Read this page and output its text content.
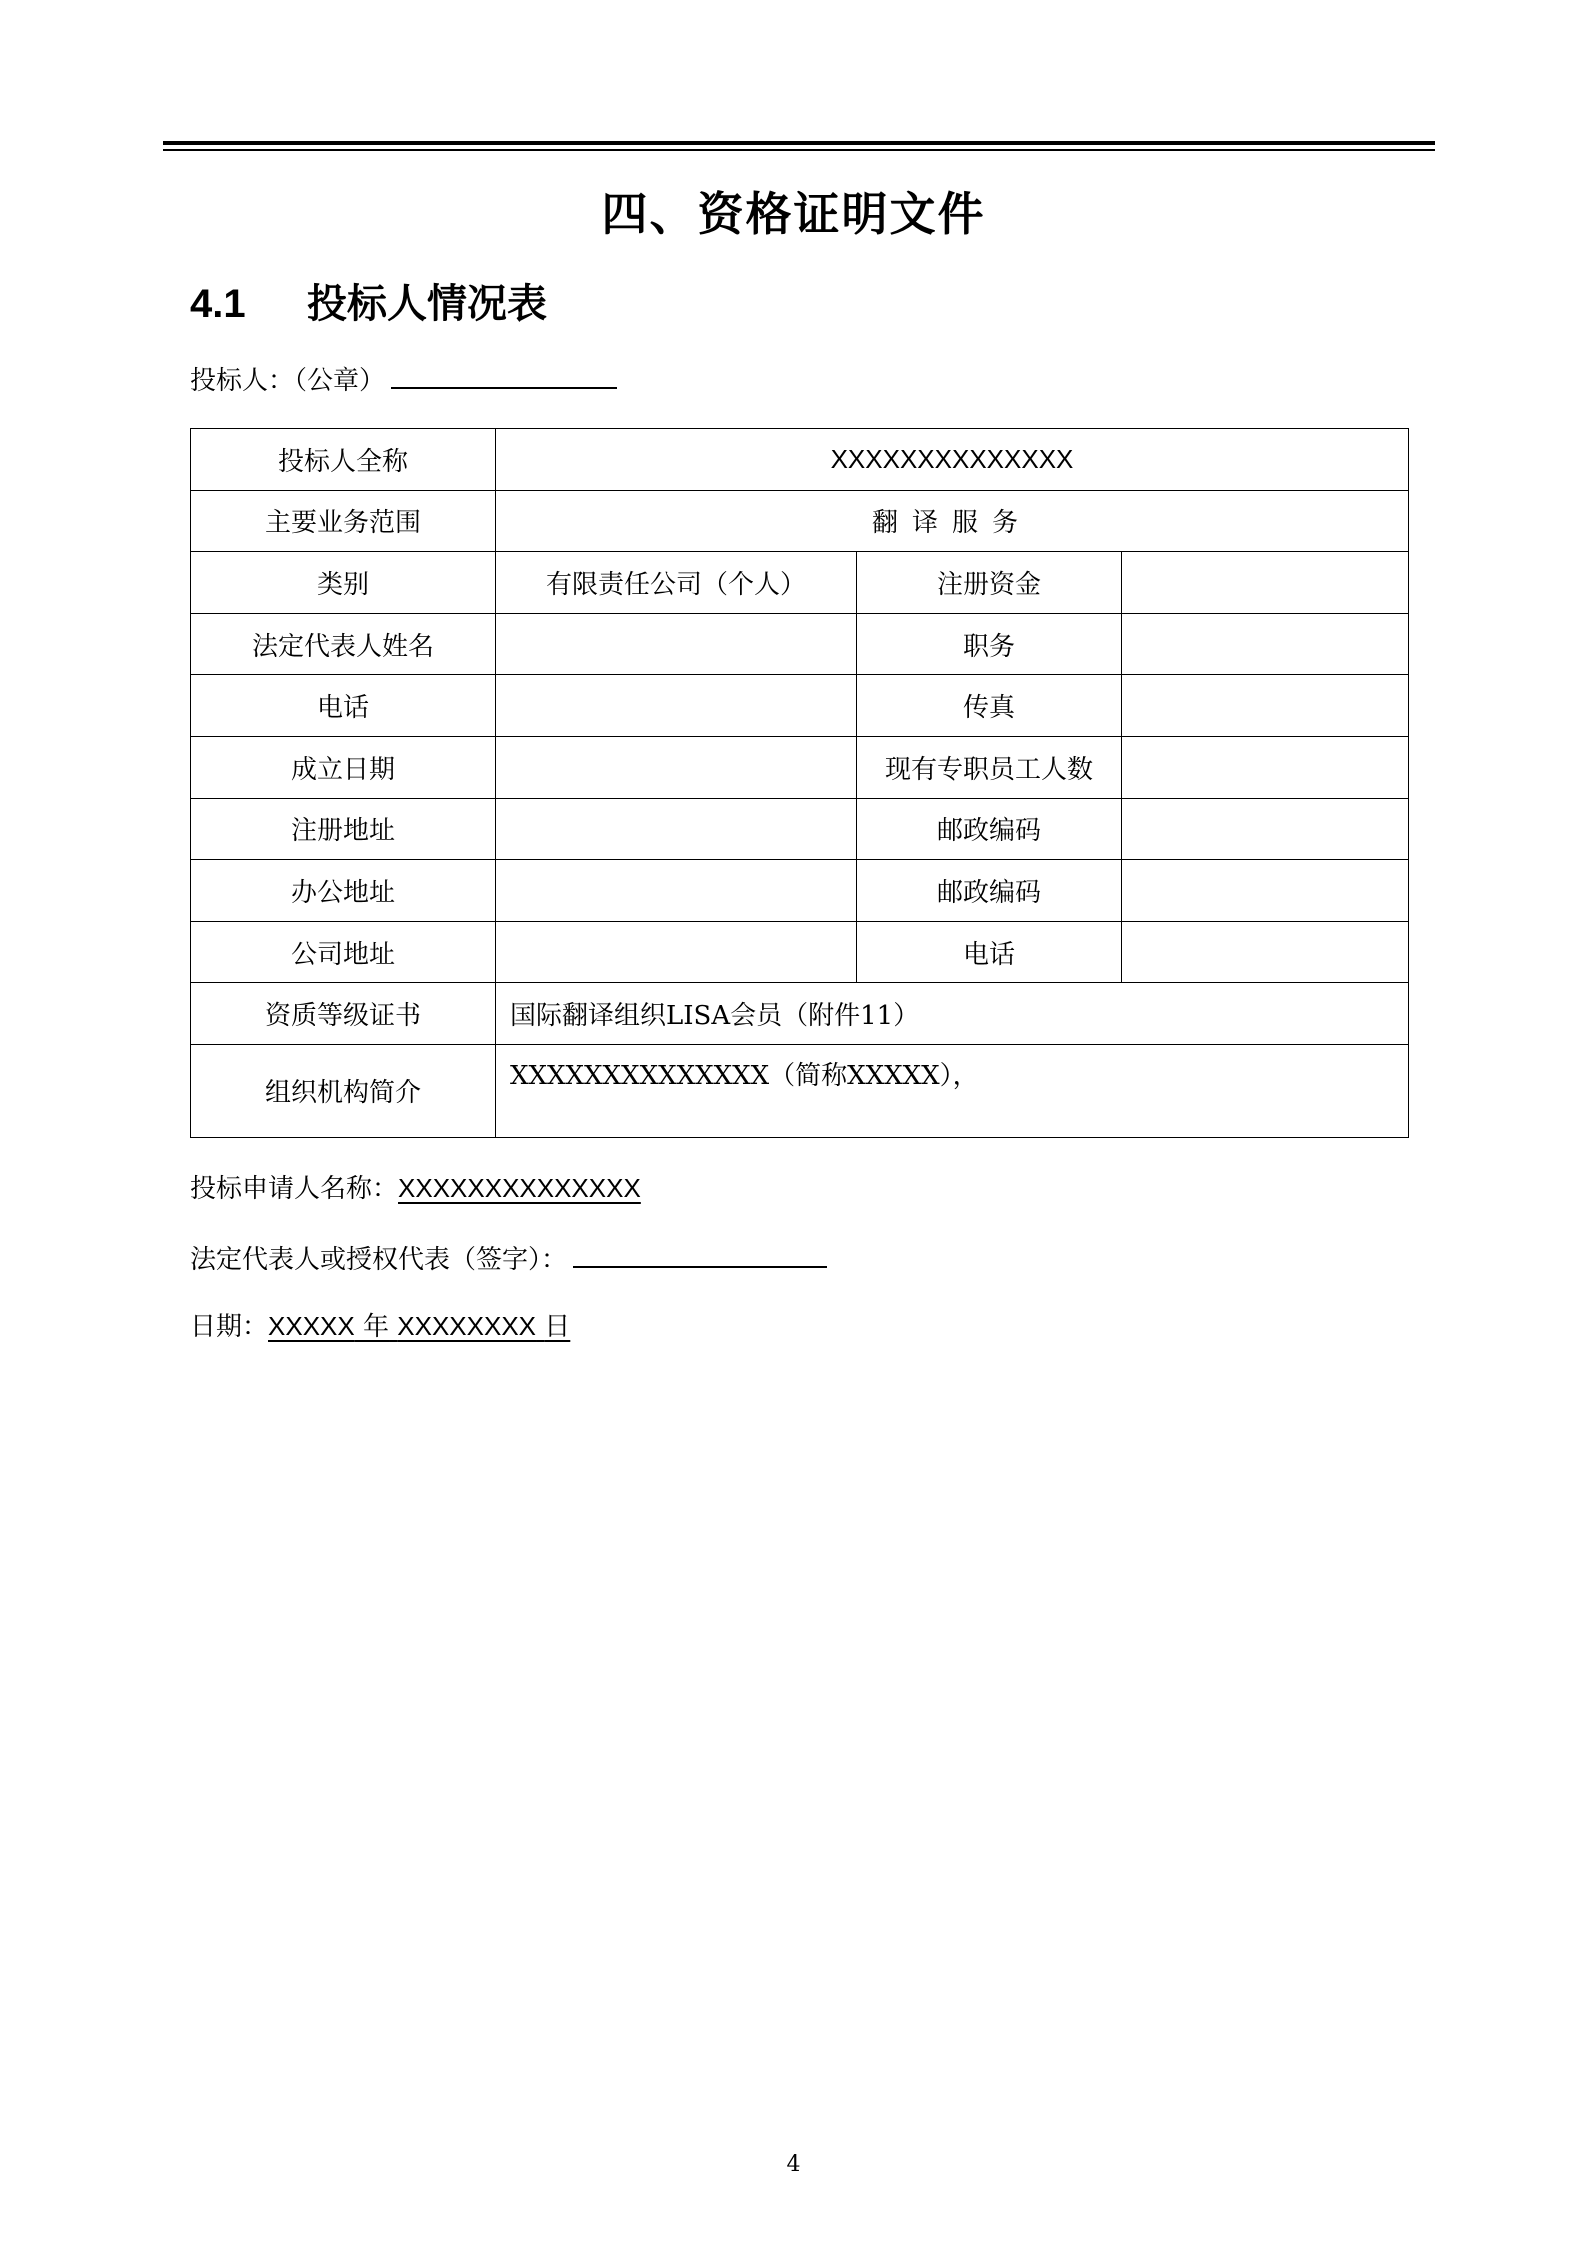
四、资格证明文件
4.1 投标人情况表
投标人：（公章）
投标人全称	XXXXXXXXXXXXXX		
主要业务范围	翻译服务		
类别	有限责任公司（个人）	注册资金	
法定代表人姓名		职务	
电话		传真	
成立日期		现有专职员工人数	
注册地址		邮政编码	
办公地址		邮政编码	
公司地址		电话	
资质等级证书	国际翻译组织LISA会员（附件11）		
组织机构简介	XXXXXXXXXXXXXX（简称XXXXX），		
投标申请人名称：XXXXXXXXXXXXXX
法定代表人或授权代表（签字）：
日期：XXXXX 年 XXXXXXXX 日
4
